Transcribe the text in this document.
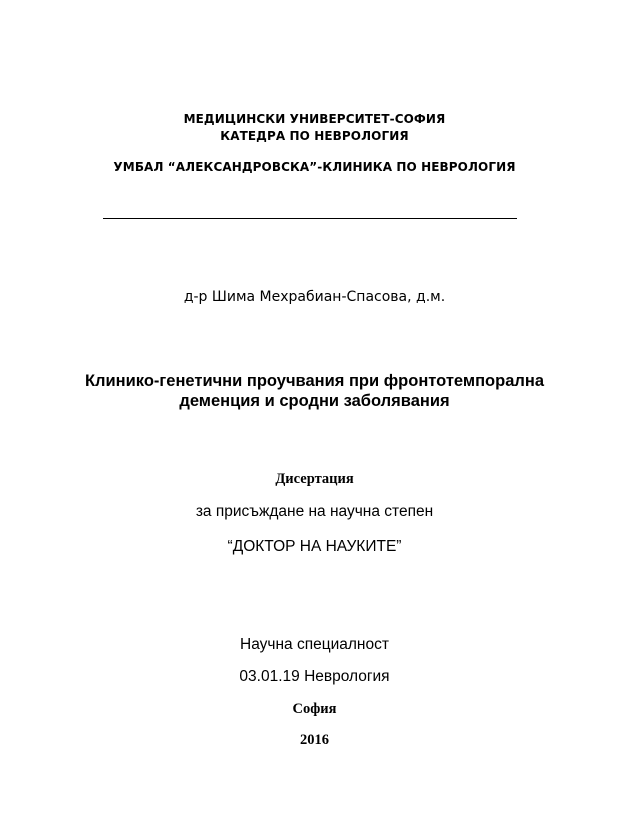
МЕДИЦИНСКИ УНИВЕРСИТЕТ-СОФИЯ
КАТЕДРА ПО НЕВРОЛОГИЯ
УМБАЛ “АЛЕКСАНДРОВСКА”-КЛИНИКА ПО НЕВРОЛОГИЯ
д-р Шима Мехрабиан-Спасова, д.м.
Клинико-генетични проучвания при фронтотемпорална
деменция и сродни заболявания
Дисертация
за присъждане на научна степен
“ДОКТОР НА НАУКИТЕ”
Научна специалност
03.01.19 Неврология
София
2016
